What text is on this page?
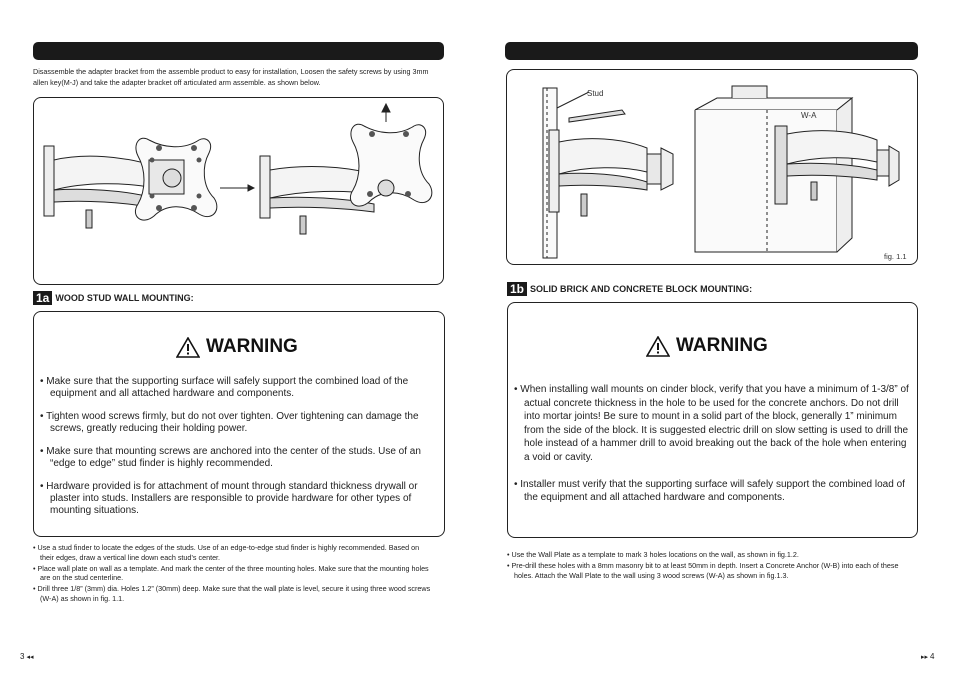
Disassemble the adapter bracket from the assemble product to easy for installation, Loosen the safety screws by using 3mm allen key(M-J) and take the adapter bracket off articulated arm assemble. as shown below.
1a WOOD STUD WALL MOUNTING:
WARNING
• Make sure that the supporting surface will safely support the combined load of the equipment and all attached hardware and components.
• Tighten wood screws firmly, but do not over tighten. Over tightening can damage the screws, greatly reducing their holding power.
• Make sure that mounting screws are anchored into the center of the studs. Use of an “edge to edge” stud finder is highly recommended.
• Hardware provided is for attachment of mount through standard thickness drywall or plaster into studs. Installers are responsible to provide hardware for other types of mounting situations.
• Use a stud finder to locate the edges of the studs. Use of an edge-to-edge stud finder is highly recommended. Based on their edges, draw a vertical line down each stud’s center.
• Place wall plate on wall as a template. And mark the center of the three mounting holes. Make sure that the mounting holes are on the stud centerline.
• Drill three 1/8” (3mm) dia. Holes 1.2” (30mm) deep. Make sure that the wall plate is level, secure it using three wood screws (W-A) as shown in fig. 1.1.
3 ◂◂
Stud
W-A
fig. 1.1
1b SOLID BRICK AND CONCRETE BLOCK MOUNTING:
WARNING
• When installing wall mounts on cinder block, verify that you have a minimum of 1-3/8” of actual concrete thickness in the hole to be used for the concrete anchors. Do not drill into mortar joints! Be sure to mount in a solid part of the block, generally 1” minimum from the side of the block. It is suggested electric drill on slow setting is used to drill the hole instead of a hammer drill to avoid breaking out the back of the hole when entering a void or cavity.
• Installer must verify that the supporting surface will safely support the combined load of the equipment and all attached hardware and components.
• Use the Wall Plate as a template to mark 3 holes locations on the wall, as shown in fig.1.2.
• Pre-drill these holes with a 8mm masonry bit to at least 50mm in depth. Insert a Concrete Anchor (W-B) into each of these holes. Attach the Wall Plate to the wall using 3 wood screws (W-A) as shown in fig.1.3.
▸▸ 4
